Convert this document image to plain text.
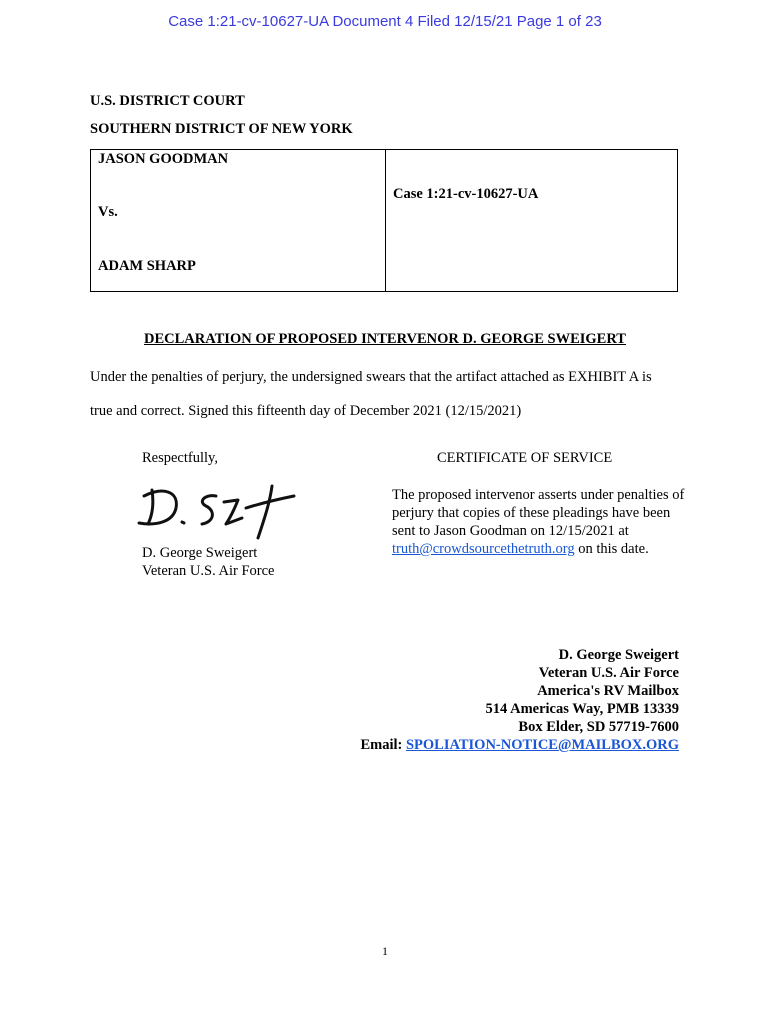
Case 1:21-cv-10627-UA Document 4 Filed 12/15/21 Page 1 of 23
U.S. DISTRICT COURT
SOUTHERN DISTRICT OF NEW YORK
JASON GOODMAN
Vs.
ADAM SHARP
Case 1:21-cv-10627-UA
DECLARATION OF PROPOSED INTERVENOR D. GEORGE SWEIGERT
Under the penalties of perjury, the undersigned swears that the artifact attached as EXHIBIT A is
true and correct. Signed this fifteenth day of December 2021 (12/15/2021)
Respectfully,
D. George Sweigert
Veteran U.S. Air Force
CERTIFICATE OF SERVICE
The proposed intervenor asserts under penalties of perjury that copies of these pleadings have been sent to Jason Goodman on 12/15/2021 at truth@crowdsourcethetruth.org on this date.
D. George Sweigert
Veteran U.S. Air Force
America's RV Mailbox
514 Americas Way, PMB 13339
Box Elder, SD 57719-7600
Email: SPOLIATION-NOTICE@MAILBOX.ORG
1
